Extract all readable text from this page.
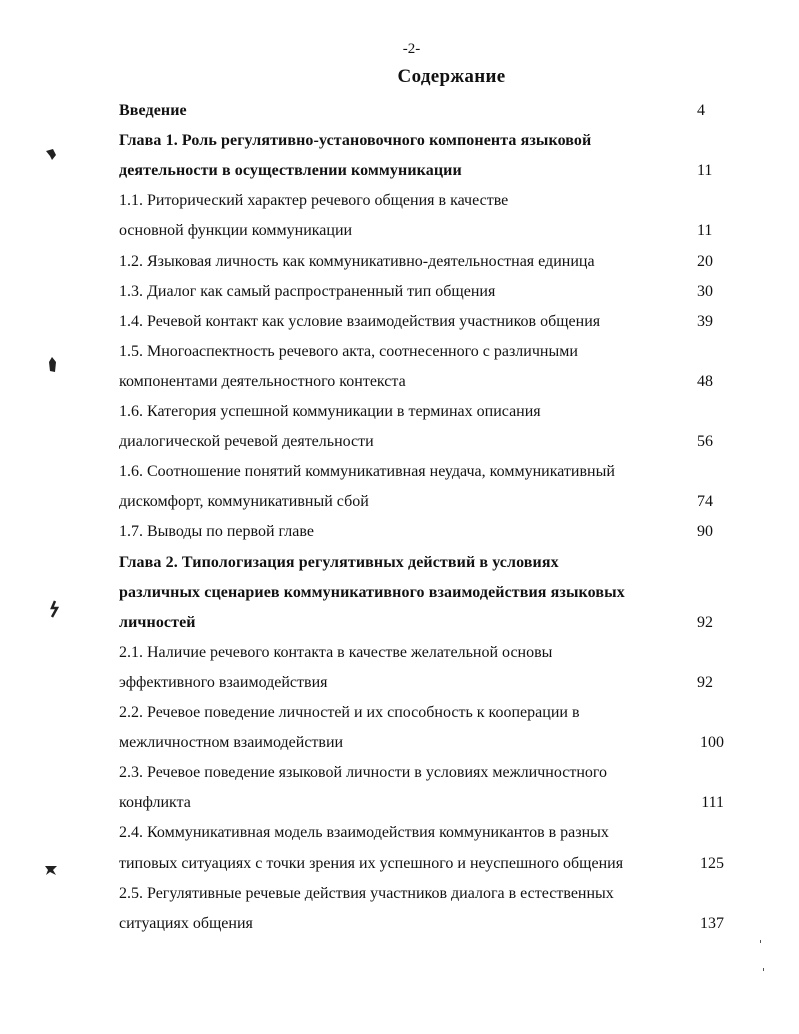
-2-
Содержание
Введение	4
Глава 1. Роль регулятивно-установочного компонента языковой
деятельности в осуществлении коммуникации	11
1.1. Риторический характер речевого общения в качестве
основной функции коммуникации	11
1.2. Языковая личность как коммуникативно-деятельностная единица	20
1.3. Диалог как самый распространенный тип общения	30
1.4. Речевой контакт как условие взаимодействия участников общения	39
1.5. Многоаспектность речевого акта, соотнесенного с различными
компонентами деятельностного контекста	48
1.6. Категория успешной коммуникации в терминах описания
диалогической речевой деятельности	56
1.6. Соотношение понятий коммуникативная неудача, коммуникативный
дискомфорт, коммуникативный сбой	74
1.7. Выводы по первой главе	90
Глава 2. Типологизация регулятивных действий в условиях
различных сценариев коммуникативного взаимодействия языковых
личностей	92
2.1. Наличие речевого контакта в качестве желательной основы
эффективного взаимодействия	92
2.2. Речевое поведение личностей и их способность к кооперации в
межличностном взаимодействии	100
2.3. Речевое поведение языковой личности в условиях межличностного
конфликта	111
2.4. Коммуникативная модель взаимодействия коммуникантов в разных
типовых ситуациях с точки зрения их успешного и неуспешного общения	125
2.5. Регулятивные речевые действия участников диалога в естественных
ситуациях общения	137
